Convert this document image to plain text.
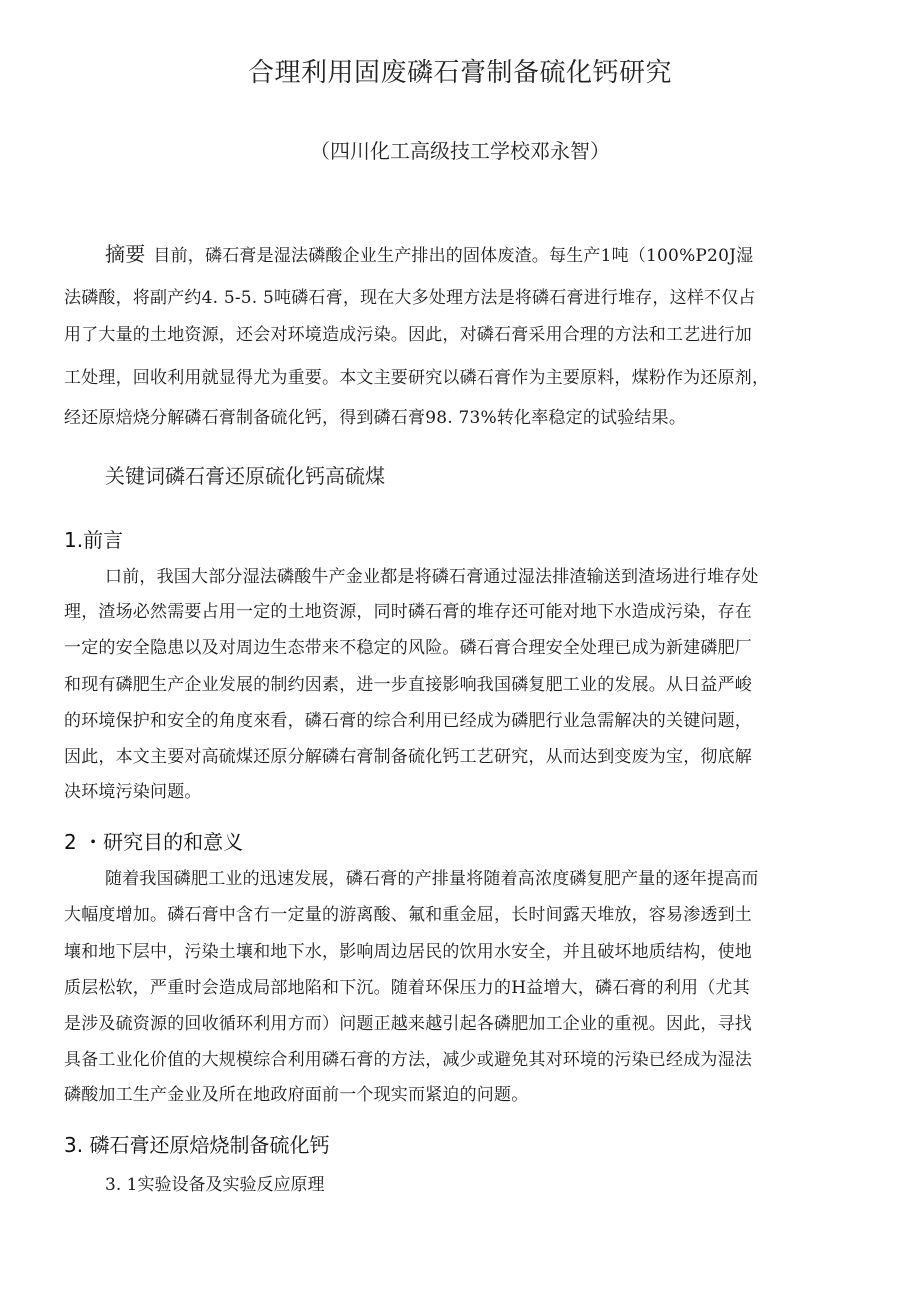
合理利用固废磷石膏制备硫化钙研究
（四川化工高级技工学校邓永智）
摘要 目前，磷石膏是湿法磷酸企业生产排出的固体废渣。每生产1吨（100%P20J湿
法磷酸，将副产约4. 5-5. 5吨磷石膏，现在大多处理方法是将磷石膏进行堆存，这样不仅占
用了大量的土地资源，还会对环境造成污染。因此，对磷石膏采用合理的方法和工艺进行加
工处理，回收利用就显得尤为重要。本文主要研究以磷石膏作为主要原料，煤粉作为还原剂，
经还原焙烧分解磷石膏制备硫化钙，得到磷石膏98. 73%转化率稳定的试验结果。
关键词磷石膏还原硫化钙高硫煤
1.前言
口前，我国大部分湿法磷酸牛产金业都是将磷石膏通过湿法排渣输送到渣场进行堆存处
理，渣场必然需要占用一定的土地资源，同时磷石膏的堆存还可能对地下水造成污染，存在
一定的安全隐患以及对周边生态带来不稳定的风险。磷石膏合理安全处理已成为新建磷肥厂
和现有磷肥生产企业发展的制约因素，进一步直接影响我国磷复肥工业的发展。从日益严峻
的环境保护和安全的角度來看，磷石膏的综合利用已经成为磷肥行业急需解决的关键问题，
因此，本文主要对高硫煤还原分解磷右膏制备硫化钙工艺研究，从而达到变废为宝，彻底解
决环境污染问题。
2 ・研究目的和意义
随着我国磷肥工业的迅速发展，磷石膏的产排量将随着高浓度磷复肥产量的逐年提高而
大幅度增加。磷石膏中含冇一定量的游离酸、氟和重金屈，长时间露天堆放，容易渗透到土
壤和地下层中，污染土壤和地下水，影响周边居民的饮用水安全，并且破坏地质结构，使地
质层松软，严重时会造成局部地陷和下沉。随着环保压力的H益增大，磷石膏的利用（尤其
是涉及硫资源的回收循环利用方而）问题正越来越引起各磷肥加工企业的重视。因此，寻找
具备工业化价值的大规模综合利用磷石膏的方法，减少或避免其对环境的污染已经成为湿法
磷酸加工生产金业及所在地政府面前一个现实而紧迫的问题。
3. 磷石膏还原焙烧制备硫化钙
3. 1实验设备及实验反应原理
